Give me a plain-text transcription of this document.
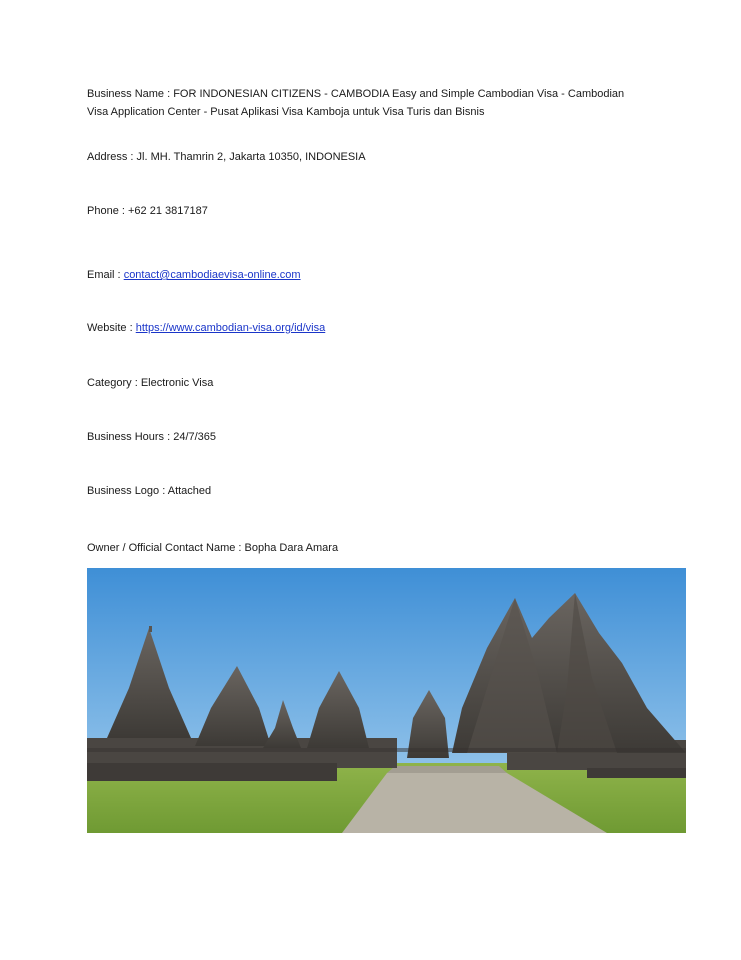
Business Name : FOR INDONESIAN CITIZENS - CAMBODIA Easy and Simple Cambodian Visa - Cambodian
Visa Application Center - Pusat Aplikasi Visa Kamboja untuk Visa Turis dan Bisnis
Address : Jl. MH. Thamrin 2, Jakarta 10350, INDONESIA
Phone : +62 21 3817187
Email : contact@cambodiaevisa-online.com
Website : https://www.cambodian-visa.org/id/visa
Category : Electronic Visa
Business Hours : 24/7/365
Business Logo : Attached
Owner / Official Contact Name : Bopha Dara Amara
